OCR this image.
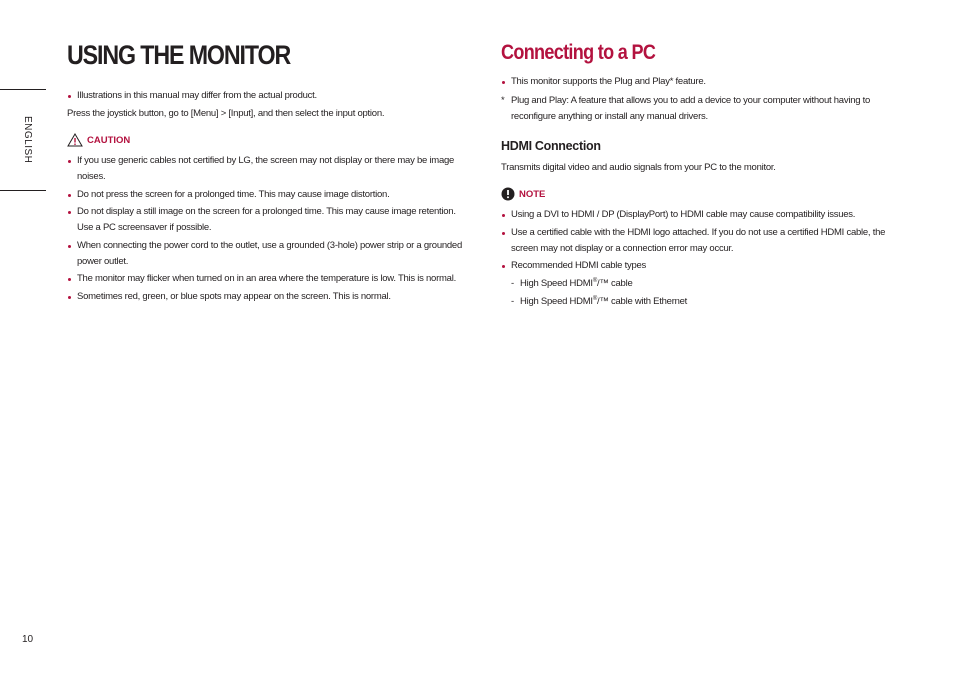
ENGLISH
10
USING THE MONITOR
Illustrations in this manual may differ from the actual product.
Press the joystick button, go to [Menu] > [Input], and then select the input option.
CAUTION
If you use generic cables not certified by LG, the screen may not display or there may be image noises.
Do not press the screen for a prolonged time. This may cause image distortion.
Do not display a still image on the screen for a prolonged time. This may cause image retention. Use a PC screensaver if possible.
When connecting the power cord to the outlet, use a grounded (3-hole) power strip or a grounded power outlet.
The monitor may flicker when turned on in an area where the temperature is low. This is normal.
Sometimes red, green, or blue spots may appear on the screen. This is normal.
Connecting to a PC
This monitor supports the Plug and Play* feature.
* Plug and Play: A feature that allows you to add a device to your computer without having to reconfigure anything or install any manual drivers.
HDMI Connection
Transmits digital video and audio signals from your PC to the monitor.
NOTE
Using a DVI to HDMI / DP (DisplayPort) to HDMI cable may cause compatibility issues.
Use a certified cable with the HDMI logo attached. If you do not use a certified HDMI cable, the screen may not display or a connection error may occur.
Recommended HDMI cable types
- High Speed HDMI®/™ cable
- High Speed HDMI®/™ cable with Ethernet
